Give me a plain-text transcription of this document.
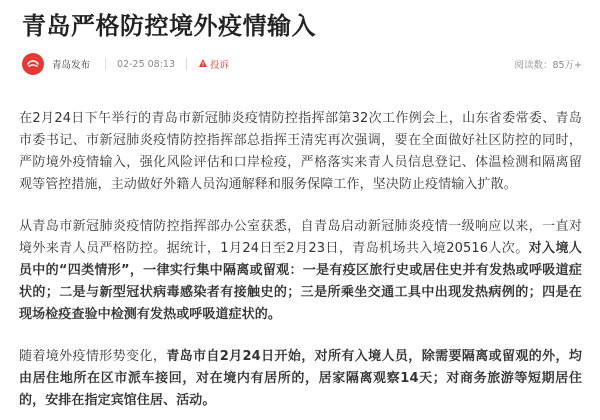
青岛严格防控境外疫情输入
青岛发布	02-25 08:13	投诉	阅读数：85万+

在2月24日下午举行的青岛市新冠肺炎疫情防控指挥部第32次工作例会上，山东省委常委、青岛市委书记、市新冠肺炎疫情防控指挥部总指挥王清宪再次强调，要在全面做好社区防控的同时，严防境外疫情输入，强化风险评估和口岸检疫，严格落实来青人员信息登记、体温检测和隔离留观等管控措施，主动做好外籍人员沟通解释和服务保障工作，坚决防止疫情输入扩散。

从青岛市新冠肺炎疫情防控指挥部办公室获悉，自青岛启动新冠肺炎疫情一级响应以来，一直对境外来青人员严格防控。据统计，1月24日至2月23日，青岛机场共入境20516人次。对入境人员中的“四类情形”，一律实行集中隔离或留观：一是有疫区旅行史或居住史并有发热或呼吸道症状的；二是与新型冠状病毒感染者有接触史的；三是所乘坐交通工具中出现发热病例的；四是在现场检疫查验中检测有发热或呼吸道症状的。

随着境外疫情形势变化，青岛市自2月24日开始，对所有入境人员，除需要隔离或留观的外，均由居住地所在区市派车接回，对在境内有居所的，居家隔离观察14天；对商务旅游等短期居住的，安排在指定宾馆住居、活动。
